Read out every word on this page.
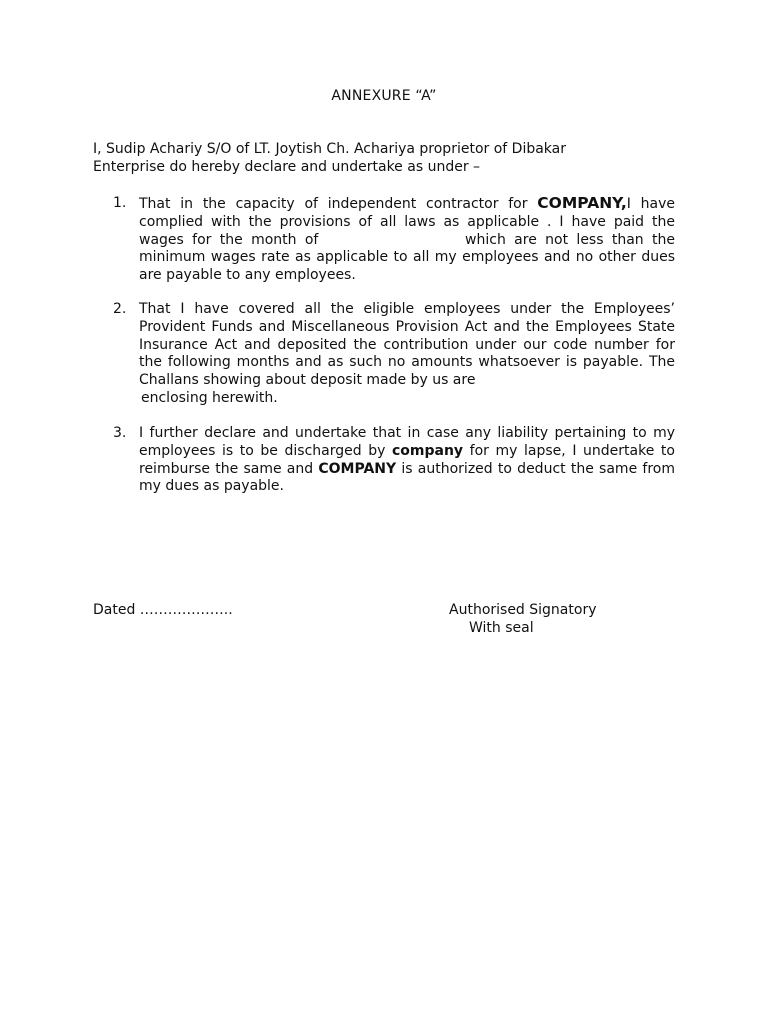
ANNEXURE “A”
I, Sudip Achariy S/O of LT. Joytish Ch. Achariya proprietor of Dibakar
Enterprise do hereby declare and undertake as under –
1. That in the capacity of independent contractor for COMPANY,I have complied with the provisions of all laws as applicable . I have paid the wages for the month of	which are not less than the minimum wages rate as applicable to all my employees and no other dues are payable to any employees.
2. That I have covered all the eligible employees under the Employees’ Provident Funds and Miscellaneous Provision Act and the Employees State Insurance Act and deposited the contribution under our code number for the following months and as such no amounts whatsoever is payable. The Challans showing about deposit made by us are
enclosing herewith.
3. I further declare and undertake that in case any liability pertaining to my employees is to be discharged by company for my lapse, I undertake to reimburse the same and COMPANY is authorized to deduct the same from my dues as payable.
Dated ………………..	Authorised Signatory
With seal
